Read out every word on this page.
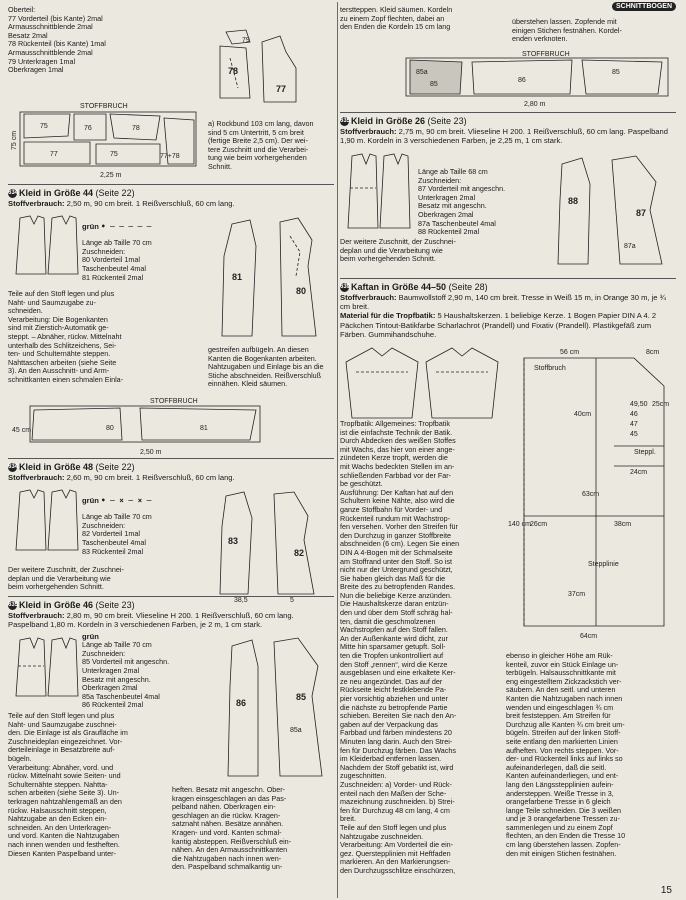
Oberteil:
77 Vorderteil (bis Kante) 2mal
Armausschnittblende 2mal
Besatz 2mal
78 Rückenteil (bis Kante) 1mal
Armausschnittblende 2mal
79 Unterkragen 1mal
Oberkragen 1mal
79
78
77
STOFFBRUCH
75	76	78
77	77+78
75
2,25 m
75 cm
a) Rockbund 103 cm lang, davon
sind 5 cm Untertritt, 5 cm breit
(fertige Breite 2,5 cm). Der wei-
tere Zuschnitt und die Verarbei-
tung wie beim vorhergehenden
Schnitt.

634Kleid in Größe 44 (Seite 22)

Stoffverbrauch: 2,50 m, 90 cm breit. 1 Reißverschluß, 60 cm lang.

grün • ─ ─ ─ ─ ─

Länge ab Taille 70 cm
Zuschneiden:
80 Vorderteil 1mal
Taschenbeutel 4mal
81 Rückenteil 2mal
Teile auf den Stoff legen und plus
Naht- und Saumzugabe zu-
schneiden.
Verarbeitung: Die Bogenkanten
sind mit Zierstich-Automatik ge-
steppt. – Abnäher, rückw. Mittelnaht
unterhalb des Schlitzeichens, Sei-
ten- und Schulternähte steppen.
Nahttaschen arbeiten (siehe Seite
3). An den Ausschnitt- und Arm-
schnittkanten einen schmalen Einla-
81
80
gestreifen aufbügeln. An diesen
Kanten die Bogenkanten arbeiten.
Nahtzugaben und Einlage bis an die
Stiche abschneiden. Reißverschluß
einnähen. Kleid säumen.
STOFFBRUCH
80	81
2,50 m
45 cm

634Kleid in Größe 48 (Seite 22)

Stoffverbrauch: 2,60 m, 90 cm breit. 1 Reißverschluß, 60 cm lang.

grün • ─ × ─ × ─

Länge ab Taille 70 cm
Zuschneiden:
82 Vorderteil 1mal
Taschenbeutel 4mal
83 Rückenteil 2mal
Der weitere Zuschnitt, der Zuschnei-
deplan und die Verarbeitung wie
beim vorhergehenden Schnitt.
83
82
38,5	5

635Kleid in Größe 46 (Seite 23)

Stoffverbrauch: 2,80 m, 90 cm breit. Vlieseline H 200. 1 Reißverschluß, 60 cm lang. Paspelband 1,80 m. Kordeln in 3 verschiedenen Farben, je 2 m, 1 cm stark.

grün

Länge ab Taille 70 cm
Zuschneiden:
85 Vorderteil mit angeschn.
Unterkragen 2mal
Besatz mit angeschn.
Oberkragen 2mal
85a Taschenbeutel 4mal
86 Rückenteil 2mal
Teile auf den Stoff legen und plus
Naht- und Saumzugabe zuschnei-
den. Die Einlage ist als Graufläche im
Zuschneideplan eingezeichnet. Vor-
derteileinlage in Besatzbreite auf-
bügeln.
Verarbeitung: Abnäher, vord. und
rückw. Mittelnaht sowie Seiten- und
Schulternähte steppen. Nahtta-
schen arbeiten (siehe Seite 3). Un-
terkragen nahtzahlengemäß an den
rückw. Halsausschnitt steppen,
Nahtzugabe an den Ecken ein-
schneiden. An den Unterkragen-
und vord. Kanten die Nahtzugaben
nach innen wenden und festheften.
Diesen Kanten Paspelband unter-
86
85
85a
heften. Besatz mit angeschn. Ober-
kragen einsgeschlagen an das Pas-
pelband nähen. Oberkragen ein-
geschlagen an die rückw. Kragen-
satznaht nähen. Besätze annähen.
Kragen- und vord. Kanten schmal-
kantig absteppen. Reißverschluß ein-
nähen. An den Armausschnittkanten
die Nahtzugaben nach innen wen-
den. Paspelband schmalkantig un-
SCHNITTBOGEN
terstteppen. Kleid säumen. Kordeln
zu einem Zopf flechten, dabei an
den Enden die Kordeln 15 cm lang
überstehen lassen. Zopfende mit
einigen Stichen festnähen. Kordel-
enden verknoten.
STOFFBRUCH
85a
85
86
85
2,80 m

635Kleid in Größe 26 (Seite 23)

Stoffverbrauch: 2,75 m, 90 cm breit. Vlieseline H 200. 1 Reißverschluß, 60 cm lang. Paspelband 1,90 m. Kordeln in 3 verschiedenen Farben, je 2,25 m, 1 cm stark.

Länge ab Taille 68 cm
Zuschneiden:
87 Vorderteil mit angeschn.
Unterkragen 2mal
Besatz mit angeschn.
Oberkragen 2mal
87a Taschenbeutel 4mal
88 Rückenteil 2mal
Der weitere Zuschnitt, der Zuschnei-
deplan und die Verarbeitung wie
beim vorhergehenden Schnitt.
88
87
87a

639Kaftan in Größe 44–50 (Seite 28)

Stoffverbrauch: Baumwollstoff 2,90 m, 140 cm breit. Tresse in Weiß 15 m, in Orange 30 m, je ¾ cm breit.

Material für die Tropfbatik: 5 Haushaltskerzen. 1 beliebige Kerze. 1 Bogen Papier DIN A 4. 2 Päckchen Tintout-Batikfarbe Scharlachrot (Prandell) und Fixativ (Prandell). Plastikgefäß zum Färben. Gummihandschuhe.

Tropfbatik: Allgemeines: Tropfbatik
ist die einfachste Technik der Batik.
Durch Abdecken des weißen Stoffes
mit Wachs, das hier von einer ange-
zündeten Kerze tropft, werden die
mit Wachs bedeckten Stellen im an-
schließenden Farbbad vor der Far-
be geschützt.
Ausführung: Der Kaftan hat auf den
Schultern keine Nähte, also wird die
ganze Stoffbahn für Vorder- und
Rückenteil rundum mit Wachstrop-
fen versehen. Vorher den Streifen für
den Durchzug in ganzer Stoffbreite
abschneiden (6 cm). Legen Sie einen
DIN A 4-Bogen mit der Schmalseite
am Stoffrand unter den Stoff. So ist
nicht nur der Untergrund geschützt,
Sie haben gleich das Maß für die
Breite des zu betropfenden Randes.
Nun die beliebige Kerze anzünden.
Die Haushaltskerze daran entzün-
den und über dem Stoff schräg hal-
ten, damit die geschmolzenen
Wachstropfen auf den Stoff fallen.
An der Außenkante wird dicht, zur
Mitte hin sparsamer getupft. Soll-
ten die Tropfen unkontrolliert auf
den Stoff „rennen“, wird die Kerze
ausgeblasen und eine erkaltete Ker-
ze neu angezündet. Das auf der
Rückseite leicht festklebende Pa-
pier vorsichtig abziehen und unter
die nächste zu betropfende Partie
schieben. Bereiten Sie nach den An-
gaben auf der Verpackung das
Farbbad und färben mindestens 20
Minuten lang darin. Auch den Strei-
fen für Durchzug färben. Das Wachs
im Kleiderbad entfernen lassen.
Nachdem der Stoff gebatikt ist, wird
zugeschnitten.
Zuschneiden: a) Vorder- und Rück-
enteil nach den Maßen der Sche-
mazeichnung zuschneiden. b) Strei-
fen für Durchzug 48 cm lang, 4 cm
breit.
Teile auf den Stoff legen und plus
Nahtzugabe zuschneiden.
Verarbeitung: Am Vorderteil die ein-
gez. Querstepplinien mit Heftfaden
markieren. An den Markierungsen-
den Durchzugsschlitze einschürzen,
56 cm	8cm
Stoffbruch
49,50
46
47
45
40cm
25cm
Steppl.
24cm
26cm
63cm
38cm
140 cm
Stepplinie
37cm
64cm
ebenso in gleicher Höhe am Rük-
kenteil, zuvor ein Stück Einlage un-
terbügeln. Halsausschnittkante mit
eng eingestelltem Zickzackstich ver-
säubern. An den seitl. und unteren
Kanten die Nahtzugaben nach innen
wenden und eingeschlagen ¾ cm
breit feststeppen. Am Streifen für
Durchzug alle Kanten ¾ cm breit um-
bügeln. Streifen auf der linken Stoff-
seite entlang den markierten Linien
aufheften. Von rechts steppen. Vor-
der- und Rückenteil links auf links so
aufeinanderlegen, daß die seitl.
Kanten aufeinanderliegen, und ent-
lang den Längsstepplinien aufein-
andersteppen. Weiße Tresse in 3,
orangefarbene Tresse in 6 gleich
lange Teile schneiden. Die 3 weißen
und je 3 orangefarbene Tressen zu-
sammenlegen und zu einem Zopf
flechten, an den Enden die Tresse 10
cm lang überstehen lassen. Zopfen-
den mit einigen Stichen festnähen.
15
